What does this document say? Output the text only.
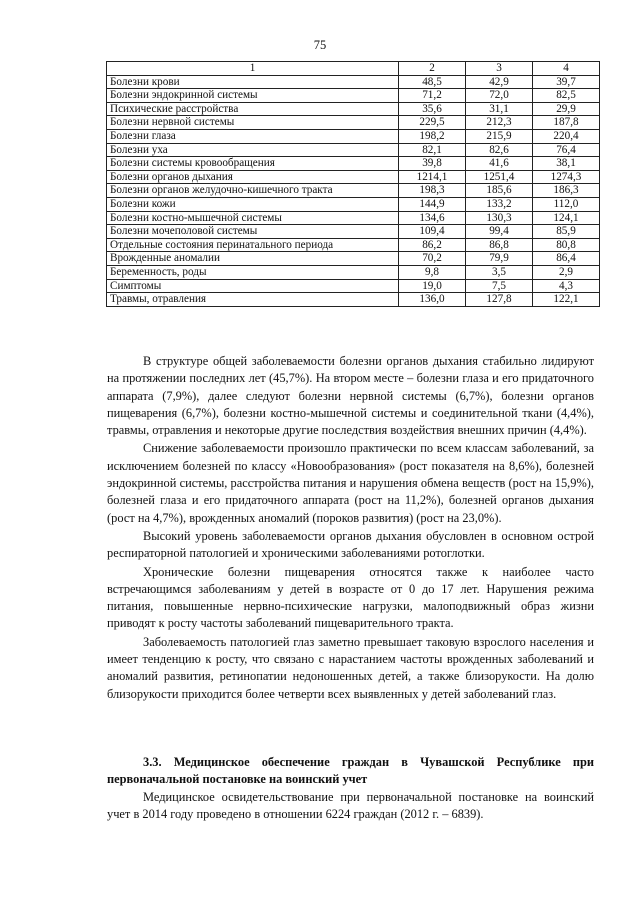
75
1	2	3	4
Болезни крови	48,5	42,9	39,7
Болезни эндокринной системы	71,2	72,0	82,5
Психические расстройства	35,6	31,1	29,9
Болезни нервной системы	229,5	212,3	187,8
Болезни глаза	198,2	215,9	220,4
Болезни уха	82,1	82,6	76,4
Болезни системы кровообращения	39,8	41,6	38,1
Болезни органов дыхания	1214,1	1251,4	1274,3
Болезни органов желудочно-кишечного тракта	198,3	185,6	186,3
Болезни кожи	144,9	133,2	112,0
Болезни костно-мышечной системы	134,6	130,3	124,1
Болезни мочеполовой системы	109,4	99,4	85,9
Отдельные состояния перинатального периода	86,2	86,8	80,8
Врожденные аномалии	70,2	79,9	86,4
Беременность, роды	9,8	3,5	2,9
Симптомы	19,0	7,5	4,3
Травмы, отравления	136,0	127,8	122,1

В структуре общей заболеваемости болезни органов дыхания стабильно лидируют на протяжении последних лет (45,7%). На втором месте – болезни глаза и его придаточного аппарата (7,9%), далее следуют болезни нервной системы (6,7%), болезни органов пищеварения (6,7%), болезни костно-мышечной системы и соединительной ткани (4,4%), травмы, отравления и некоторые другие последствия воздействия внешних причин (4,4%).

Снижение заболеваемости произошло практически по всем классам заболеваний, за исключением болезней по классу «Новообразования» (рост показателя на 8,6%), болезней эндокринной системы, расстройства питания и нарушения обмена веществ (рост на 15,9%), болезней глаза и его придаточного аппарата (рост на 11,2%), болезней органов дыхания (рост на 4,7%), врожденных аномалий (пороков развития) (рост на 23,0%).

Высокий уровень заболеваемости органов дыхания обусловлен в основном острой респираторной патологией и хроническими заболеваниями ротоглотки.

Хронические болезни пищеварения относятся также к наиболее часто встречающимся заболеваниям у детей в возрасте от 0 до 17 лет. Нарушения режима питания, повышенные нервно-психические нагрузки, малоподвижный образ жизни приводят к росту частоты заболеваний пищеварительного тракта.

Заболеваемость патологией глаз заметно превышает таковую взрослого населения и имеет тенденцию к росту, что связано с нарастанием частоты врожденных заболеваний и аномалий развития, ретинопатии недоношенных детей, а также близорукости. На долю близорукости приходится более четверти всех выявленных у детей заболеваний глаз.

3.3. Медицинское обеспечение граждан в Чувашской Республике при первоначальной постановке на воинский учет

Медицинское освидетельствование при первоначальной постановке на воинский учет в 2014 году проведено в отношении 6224 граждан (2012 г. – 6839).
